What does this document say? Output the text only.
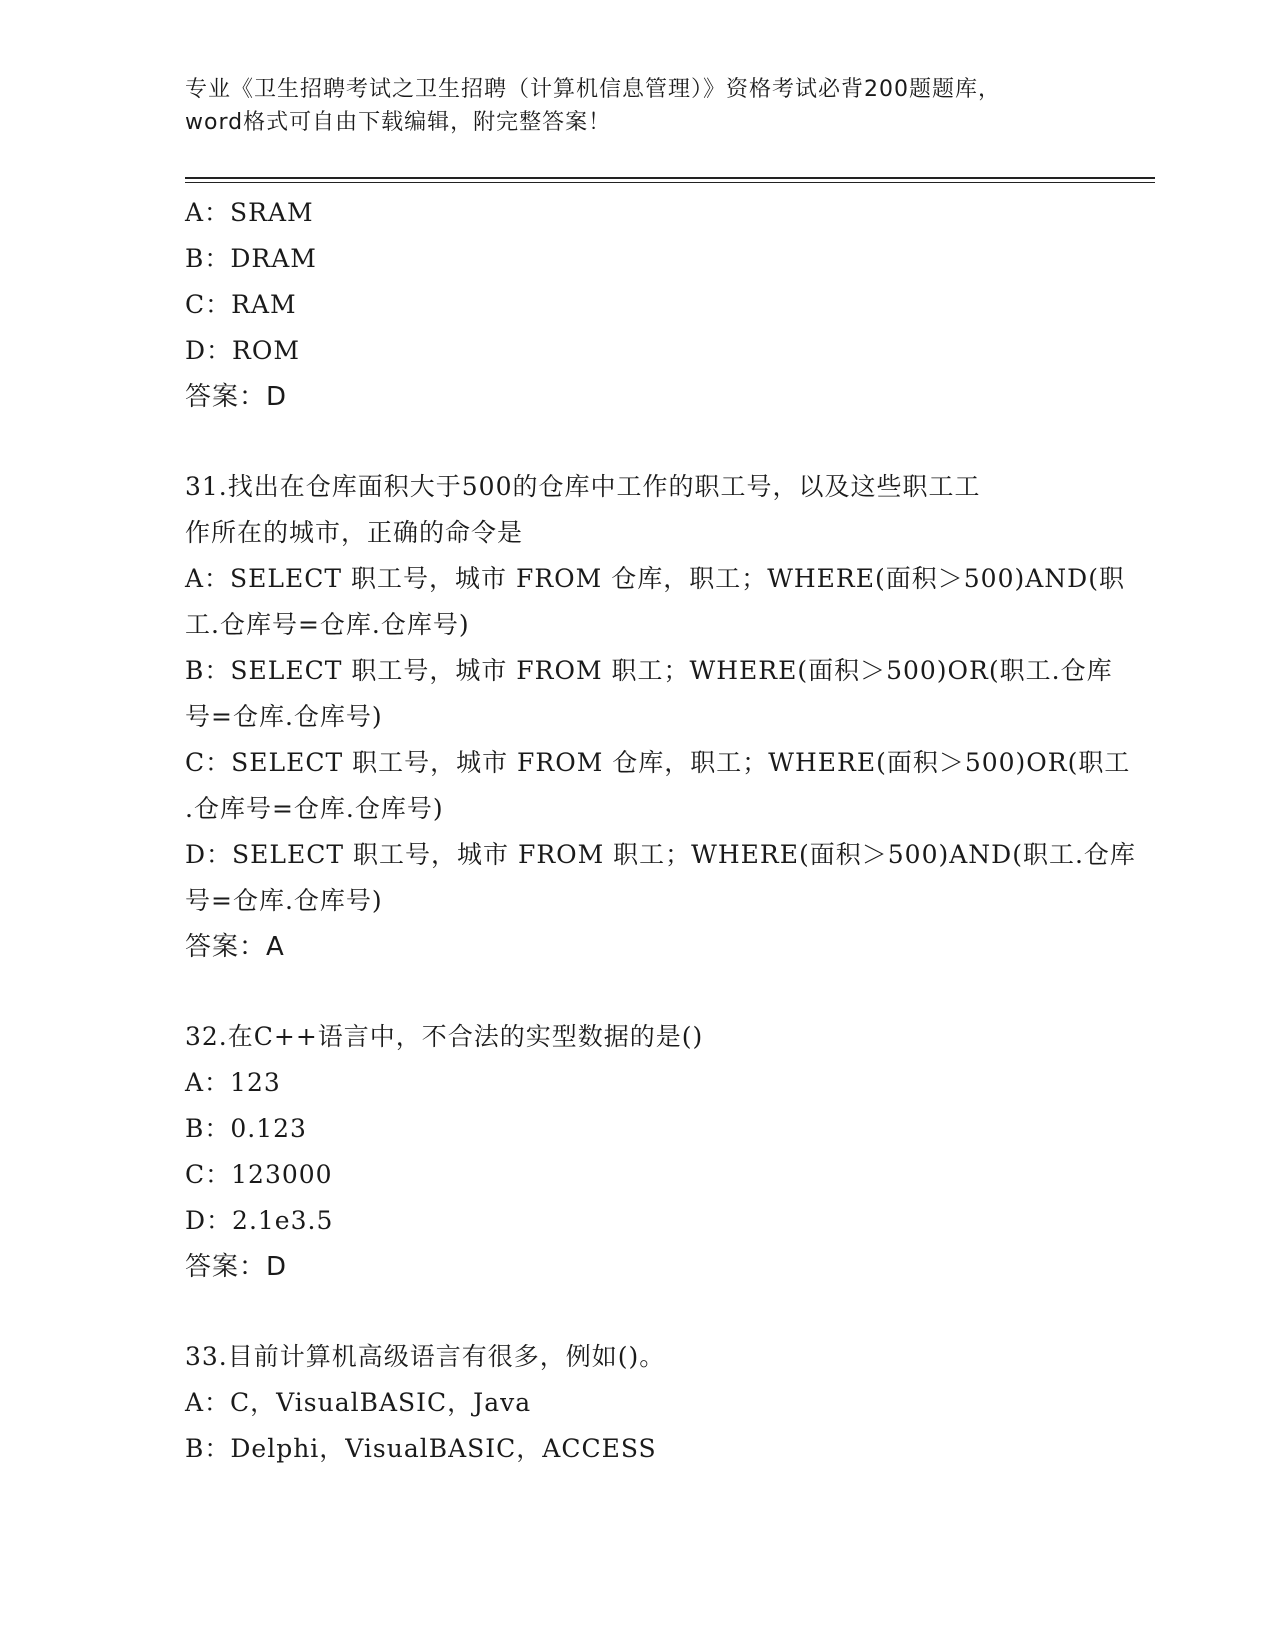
专业《卫生招聘考试之卫生招聘（计算机信息管理）》资格考试必背200题题库，
word格式可自由下载编辑，附完整答案！
A：SRAM
B：DRAM
C：RAM
D：ROM
答案：D
31.找出在仓库面积大于500的仓库中工作的职工号，以及这些职工工
作所在的城市，正确的命令是
A：SELECT 职工号，城市 FROM 仓库，职工；WHERE(面积＞500)AND(职
工.仓库号=仓库.仓库号)
B：SELECT 职工号，城市 FROM 职工；WHERE(面积＞500)OR(职工.仓库
号=仓库.仓库号)
C：SELECT 职工号，城市 FROM 仓库，职工；WHERE(面积＞500)OR(职工
.仓库号=仓库.仓库号)
D：SELECT 职工号，城市 FROM 职工；WHERE(面积＞500)AND(职工.仓库
号=仓库.仓库号)
答案：A
32.在C++语言中，不合法的实型数据的是()
A：123
B：0.123
C：123000
D：2.1e3.5
答案：D
33.目前计算机高级语言有很多，例如()。
A：C，VisualBASIC，Java
B：Delphi，VisualBASIC，ACCESS
